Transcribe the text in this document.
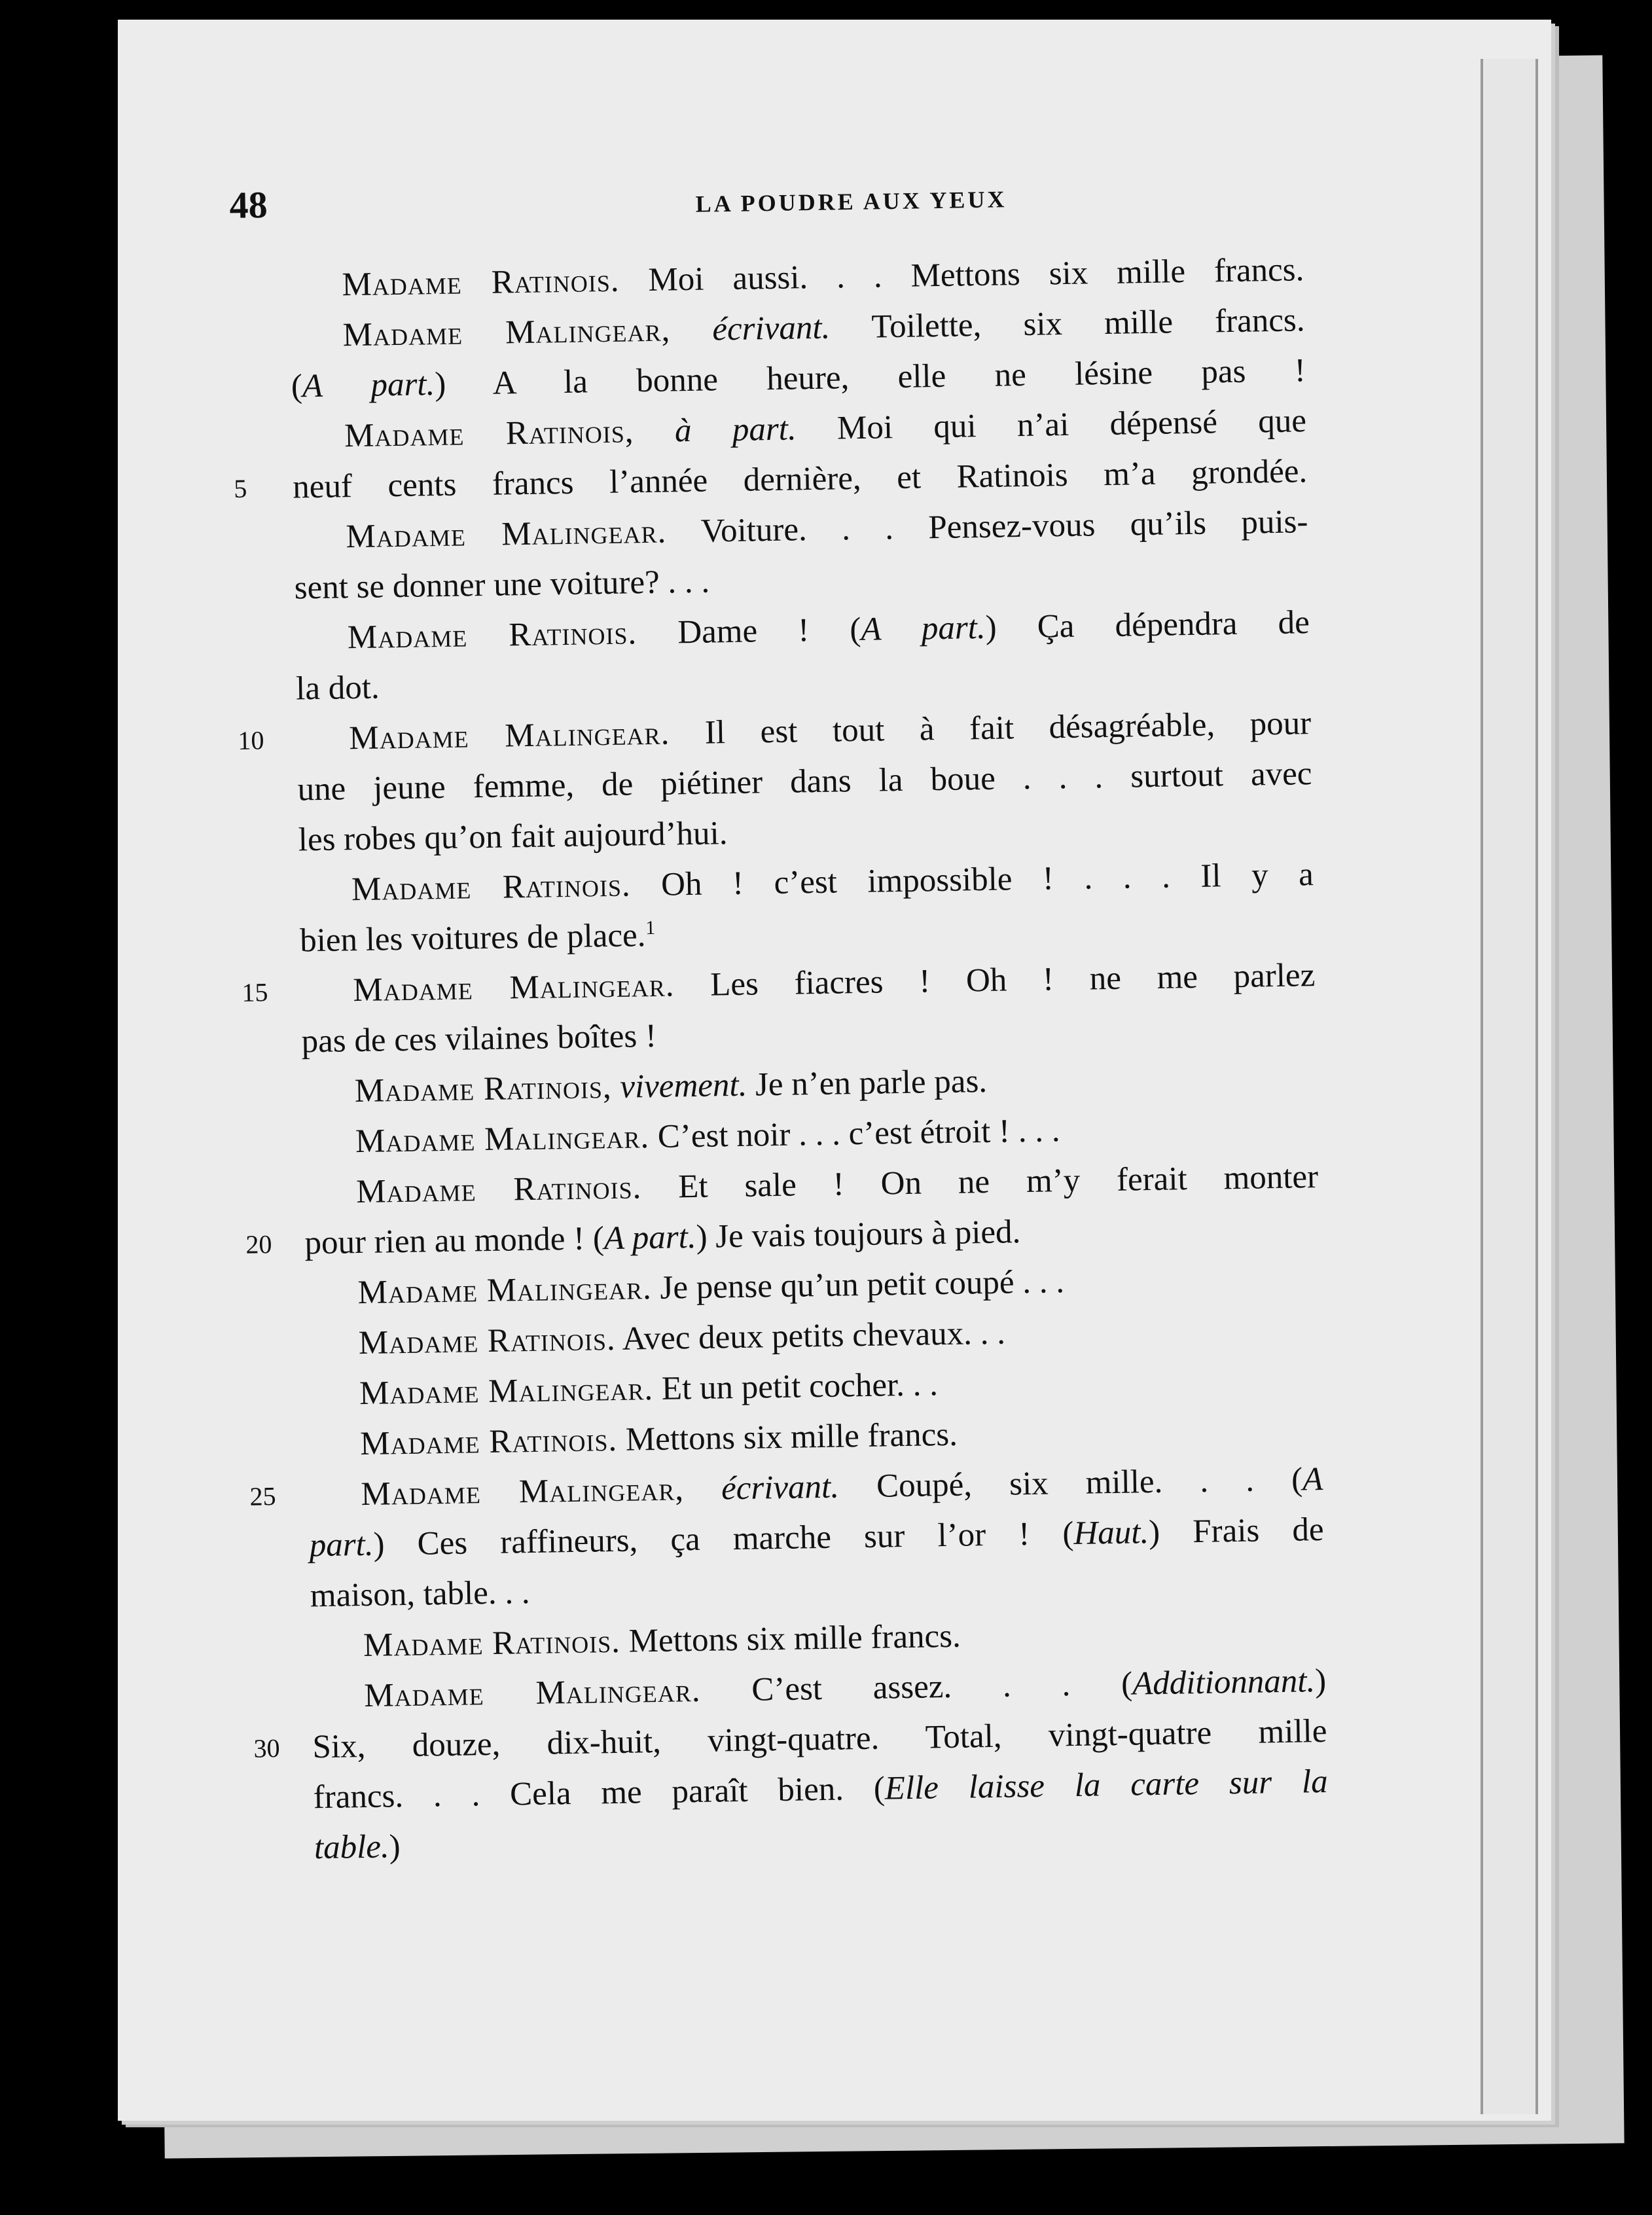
48	LA POUDRE AUX YEUX
Madame Ratinois. Moi aussi. . . Mettons six mille francs.
Madame Malingear, écrivant. Toilette, six mille francs.
(A part.) A la bonne heure, elle ne lésine pas !
Madame Ratinois, à part. Moi qui n’ai dépensé que
5	neuf cents francs l’année dernière, et Ratinois m’a grondée.
Madame Malingear. Voiture. . . Pensez-vous qu’ils puis-
sent se donner une voiture? . . .
Madame Ratinois. Dame ! (A part.) Ça dépendra de
la dot.
10	Madame Malingear. Il est tout à fait désagréable, pour
une jeune femme, de piétiner dans la boue . . . surtout avec
les robes qu’on fait aujourd’hui.
Madame Ratinois. Oh ! c’est impossible ! . . . Il y a
bien les voitures de place.$^1$
15	Madame Malingear. Les fiacres ! Oh ! ne me parlez
pas de ces vilaines boîtes !
Madame Ratinois, vivement. Je n’en parle pas.
Madame Malingear. C’est noir . . . c’est étroit ! . . .
Madame Ratinois. Et sale ! On ne m’y ferait monter
20 pour rien au monde ! (A part.) Je vais toujours à pied.
Madame Malingear. Je pense qu’un petit coupé . . .
Madame Ratinois. Avec deux petits chevaux. . .
Madame Malingear. Et un petit cocher. . .
Madame Ratinois. Mettons six mille francs.
25	Madame Malingear, écrivant. Coupé, six mille. . . (A
part.) Ces raffineurs, ça marche sur l’or ! (Haut.) Frais de
maison, table. . .
Madame Ratinois. Mettons six mille francs.
Madame Malingear. C’est assez. . . (Additionnant.)
30 Six, douze, dix-huit, vingt-quatre. Total, vingt-quatre mille
francs. . . Cela me paraît bien. (Elle laisse la carte sur la
table.)
